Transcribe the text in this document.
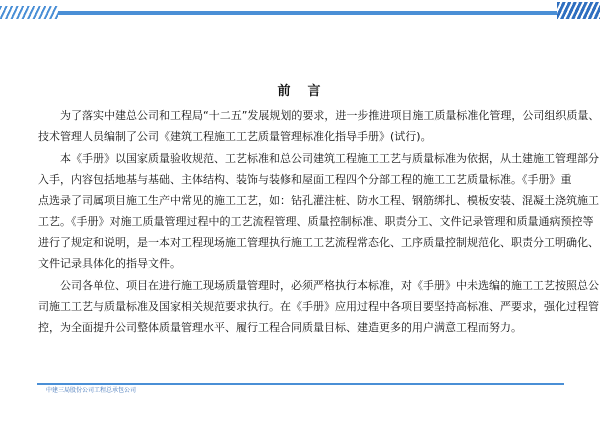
前　言

为了落实中建总公司和工程局“十二五”发展规划的要求，进一步推进项目施工质量标准化管理，公司组织质量、
技术管理人员编制了公司《建筑工程施工工艺质量管理标准化指导手册》(试行)。

本《手册》以国家质量验收规范、工艺标准和总公司建筑工程施工工艺与质量标准为依据，从土建施工管理部分
入手，内容包括地基与基础、主体结构、装饰与装修和屋面工程四个分部工程的施工工艺质量标准。《手册》重
点选录了司属项目施工生产中常见的施工工艺，如：钻孔灌注桩、防水工程、钢筋绑扎、模板安装、混凝土浇筑施工
工艺。《手册》对施工质量管理过程中的工艺流程管理、质量控制标准、职责分工、文件记录管理和质量通病预控等
进行了规定和说明，是一本对工程现场施工管理执行施工工艺流程常态化、工序质量控制规范化、职责分工明确化、
文件记录具体化的指导文件。

公司各单位、项目在进行施工现场质量管理时，必须严格执行本标准，对《手册》中未选编的施工工艺按照总公
司施工工艺与质量标准及国家相关规范要求执行。在《手册》应用过程中各项目要坚持高标准、严要求，强化过程管
控，为全面提升公司整体质量管理水平、履行工程合同质量目标、建造更多的用户满意工程而努力。

中建三局股份公司工程总承包公司
